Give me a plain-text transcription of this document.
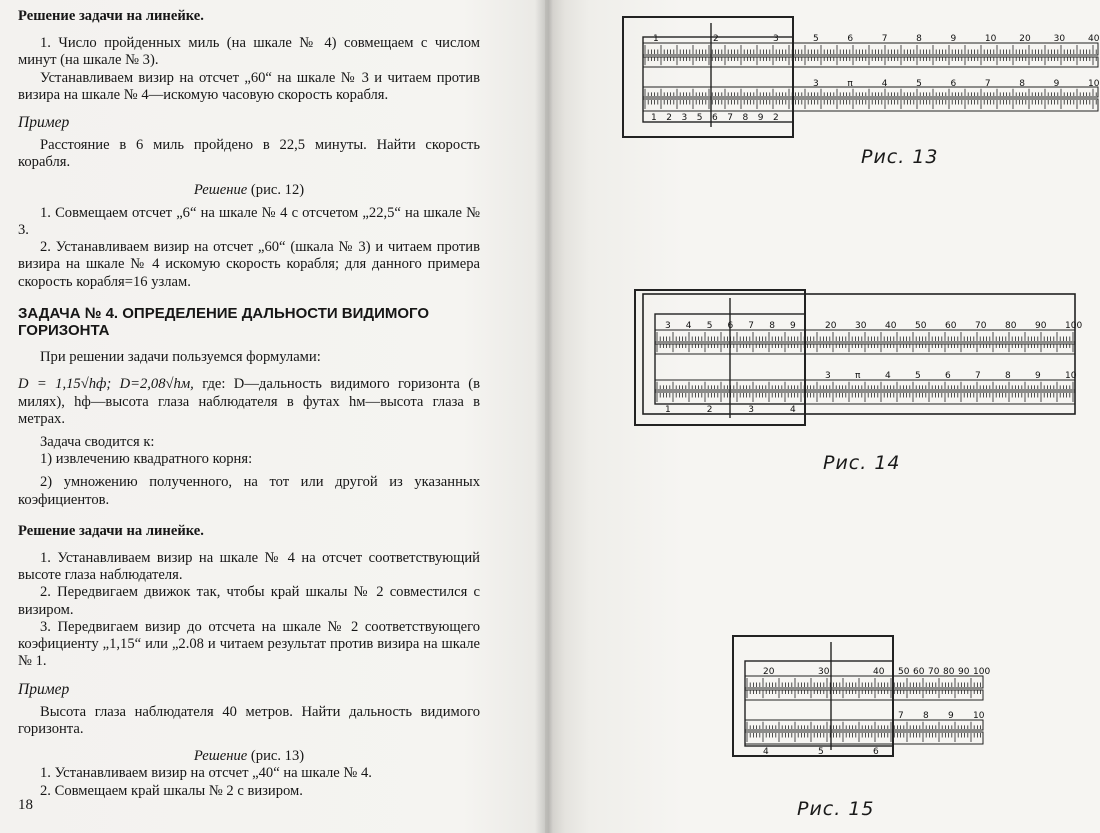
Решение задачи на линейке.

1. Число пройденных миль (на шкале № 4) совмещаем с числом минут (на шкале № 3).

Устанавливаем визир на отсчет „60“ на шкале № 3 и читаем против визира на шкале № 4—искомую часовую скорость корабля.

Пример

Расстояние в 6 миль пройдено в 22,5 минуты. Найти скорость корабля.

Решение (рис. 12)

1. Совмещаем отсчет „6“ на шкале № 4 с отсчетом „22,5“ на шкале № 3.

2. Устанавливаем визир на отсчет „60“ (шкала № 3) и читаем против визира на шкале № 4 искомую скорость корабля; для данного примера скорость корабля=16 узлам.

ЗАДАЧА № 4. ОПРЕДЕЛЕНИЕ ДАЛЬНОСТИ ВИДИМОГО

ГОРИЗОНТА

При решении задачи пользуемся формулами:

D = 1,15√hф; D=2,08√hм, где: D—дальность видимого горизонта (в милях), hф—высота глаза наблюдателя в футах hм—высота глаза в метрах.

Задача сводится к:

1) извлечению квадратного корня:

2) умножению полученного, на тот или другой из указанных коэфициентов.

Решение задачи на линейке.

1. Устанавливаем визир на шкале № 4 на отсчет соответствующий высоте глаза наблюдателя.

2. Передвигаем движок так, чтобы край шкалы № 2 совместился с визиром.

3. Передвигаем визир до отсчета на шкале № 2 соответствующего коэфициенту „1,15“ или „2.08 и читаем результат против визира на шкале № 1.

Пример

Высота глаза наблюдателя 40 метров. Найти дальность видимого горизонта.

Решение (рис. 13)

1. Устанавливаем визир на отсчет „40“ на шкале № 4.

2. Совмещаем край шкалы № 2 с визиром.

18
5	6	7	8	9	10	20	30	40
1	2	3
3	π	4	5	6	7	8	9	10
1 2 3 5 6 7 8 9 2
Рис. 13
20 30 40 50 60 70 80 90 100
3 4 5 6 7 8 9
3	π	4	5	6	7	8	9	10
1	2	3	4
Рис. 14
50 60 70 80 90 100
20	30	40
7 8 9 10
4	5	6
Рис. 15
